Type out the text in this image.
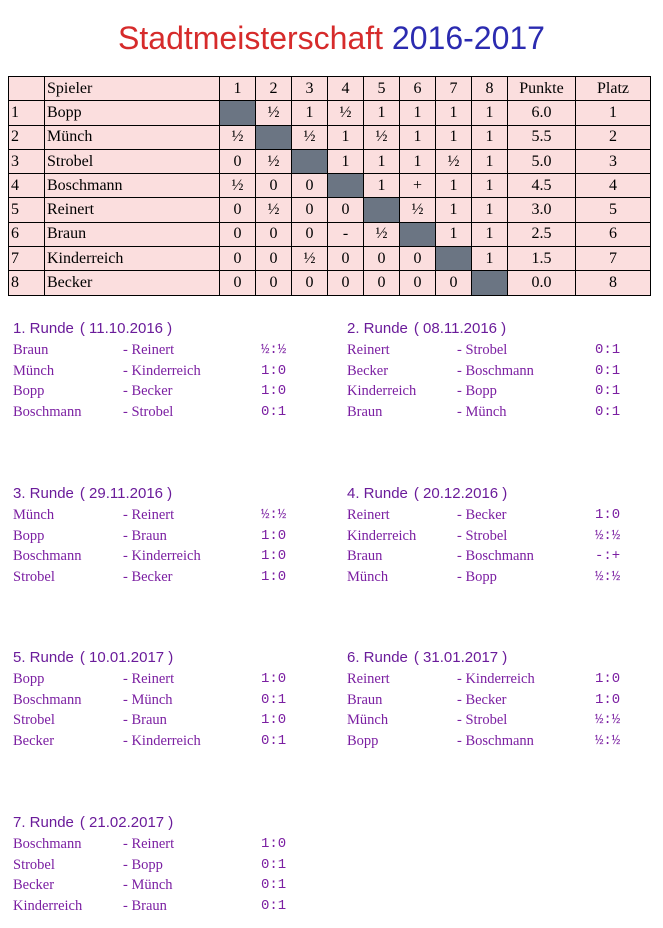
Stadtmeisterschaft 2016-2017
	Spieler	1	2	3	4	5	6	7	8	Punkte	Platz
1	Bopp		½	1	½	1	1	1	1	6.0	1
2	Münch	½		½	1	½	1	1	1	5.5	2
3	Strobel	0	½		1	1	1	½	1	5.0	3
4	Boschmann	½	0	0		1	+	1	1	4.5	4
5	Reinert	0	½	0	0		½	1	1	3.0	5
6	Braun	0	0	0	-	½		1	1	2.5	6
7	Kinderreich	0	0	½	0	0	0		1	1.5	7
8	Becker	0	0	0	0	0	0	0		0.0	8
1. Runde ( 11.10.2016 )
Braun	- Reinert	½:½
Münch	- Kinderreich	1:0
Bopp	- Becker	1:0
Boschmann	- Strobel	0:1
2. Runde ( 08.11.2016 )
Reinert	- Strobel	0:1
Becker	- Boschmann	0:1
Kinderreich	- Bopp	0:1
Braun	- Münch	0:1
3. Runde ( 29.11.2016 )
Münch	- Reinert	½:½
Bopp	- Braun	1:0
Boschmann	- Kinderreich	1:0
Strobel	- Becker	1:0
4. Runde ( 20.12.2016 )
Reinert	- Becker	1:0
Kinderreich	- Strobel	½:½
Braun	- Boschmann	-:+
Münch	- Bopp	½:½
5. Runde ( 10.01.2017 )
Bopp	- Reinert	1:0
Boschmann	- Münch	0:1
Strobel	- Braun	1:0
Becker	- Kinderreich	0:1
6. Runde ( 31.01.2017 )
Reinert	- Kinderreich	1:0
Braun	- Becker	1:0
Münch	- Strobel	½:½
Bopp	- Boschmann	½:½
7. Runde ( 21.02.2017 )
Boschmann	- Reinert	1:0
Strobel	- Bopp	0:1
Becker	- Münch	0:1
Kinderreich	- Braun	0:1
